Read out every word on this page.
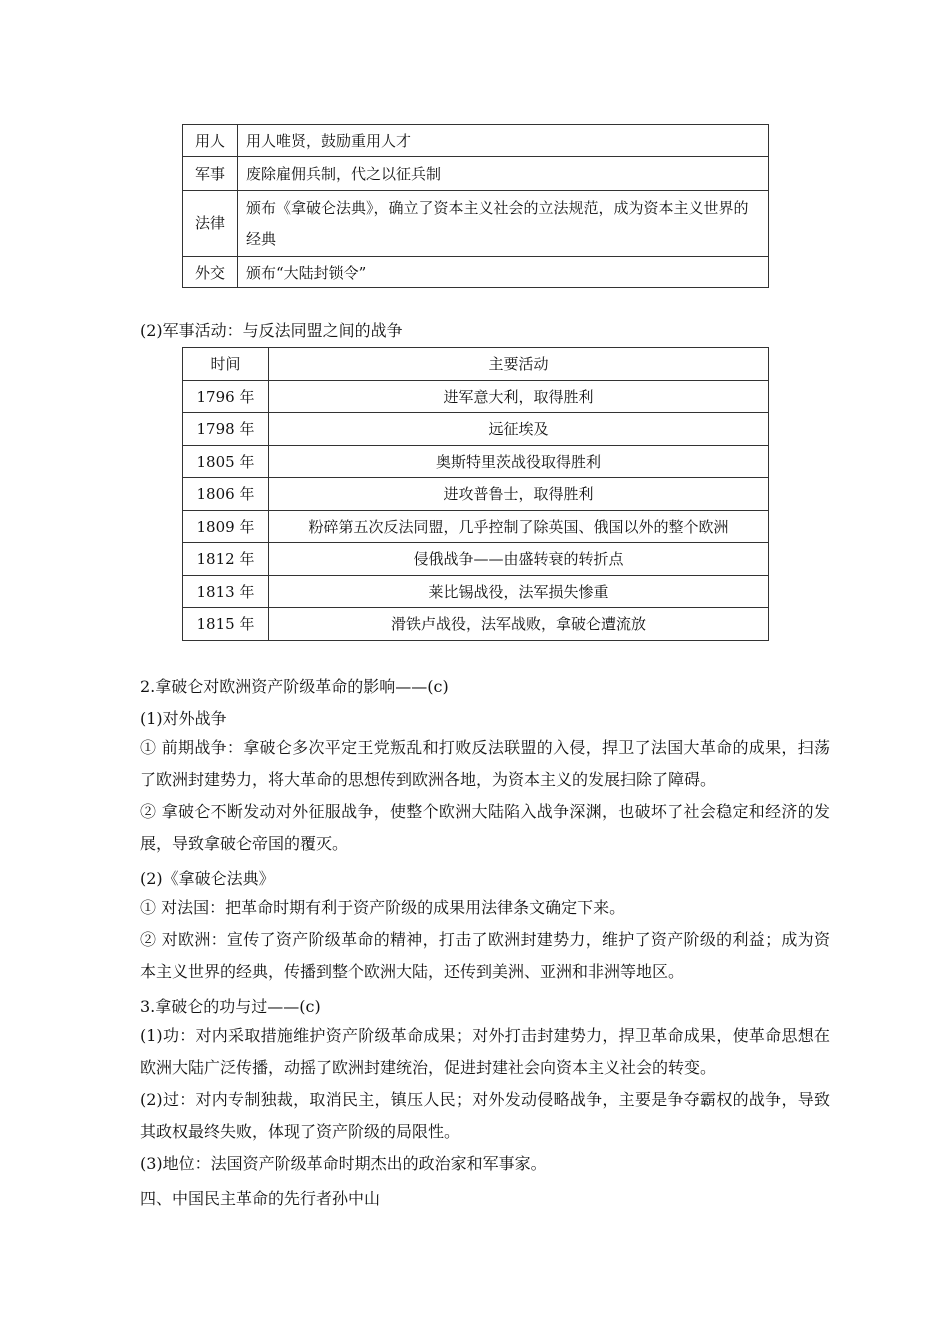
用人	用人唯贤，鼓励重用人才
军事	废除雇佣兵制，代之以征兵制
法律	颁布《拿破仑法典》，确立了资本主义社会的立法规范，成为资本主义世界的经典
外交	颁布“大陆封锁令”
(2)军事活动：与反法同盟之间的战争
时间	主要活动
1796 年	进军意大利，取得胜利
1798 年	远征埃及
1805 年	奥斯特里茨战役取得胜利
1806 年	进攻普鲁士，取得胜利
1809 年	粉碎第五次反法同盟，几乎控制了除英国、俄国以外的整个欧洲
1812 年	侵俄战争——由盛转衰的转折点
1813 年	莱比锡战役，法军损失惨重
1815 年	滑铁卢战役，法军战败，拿破仑遭流放
2.拿破仑对欧洲资产阶级革命的影响——(c)
(1)对外战争
① 前期战争：拿破仑多次平定王党叛乱和打败反法联盟的入侵，捍卫了法国大革命的成果，扫荡了欧洲封建势力，将大革命的思想传到欧洲各地，为资本主义的发展扫除了障碍。
② 拿破仑不断发动对外征服战争，使整个欧洲大陆陷入战争深渊，也破坏了社会稳定和经济的发展，导致拿破仑帝国的覆灭。
(2)《拿破仑法典》
① 对法国：把革命时期有利于资产阶级的成果用法律条文确定下来。
② 对欧洲：宣传了资产阶级革命的精神，打击了欧洲封建势力，维护了资产阶级的利益；成为资本主义世界的经典，传播到整个欧洲大陆，还传到美洲、亚洲和非洲等地区。
3.拿破仑的功与过——(c)
(1)功：对内采取措施维护资产阶级革命成果；对外打击封建势力，捍卫革命成果，使革命思想在欧洲大陆广泛传播，动摇了欧洲封建统治，促进封建社会向资本主义社会的转变。
(2)过：对内专制独裁，取消民主，镇压人民；对外发动侵略战争，主要是争夺霸权的战争，导致其政权最终失败，体现了资产阶级的局限性。
(3)地位：法国资产阶级革命时期杰出的政治家和军事家。
四、中国民主革命的先行者孙中山
